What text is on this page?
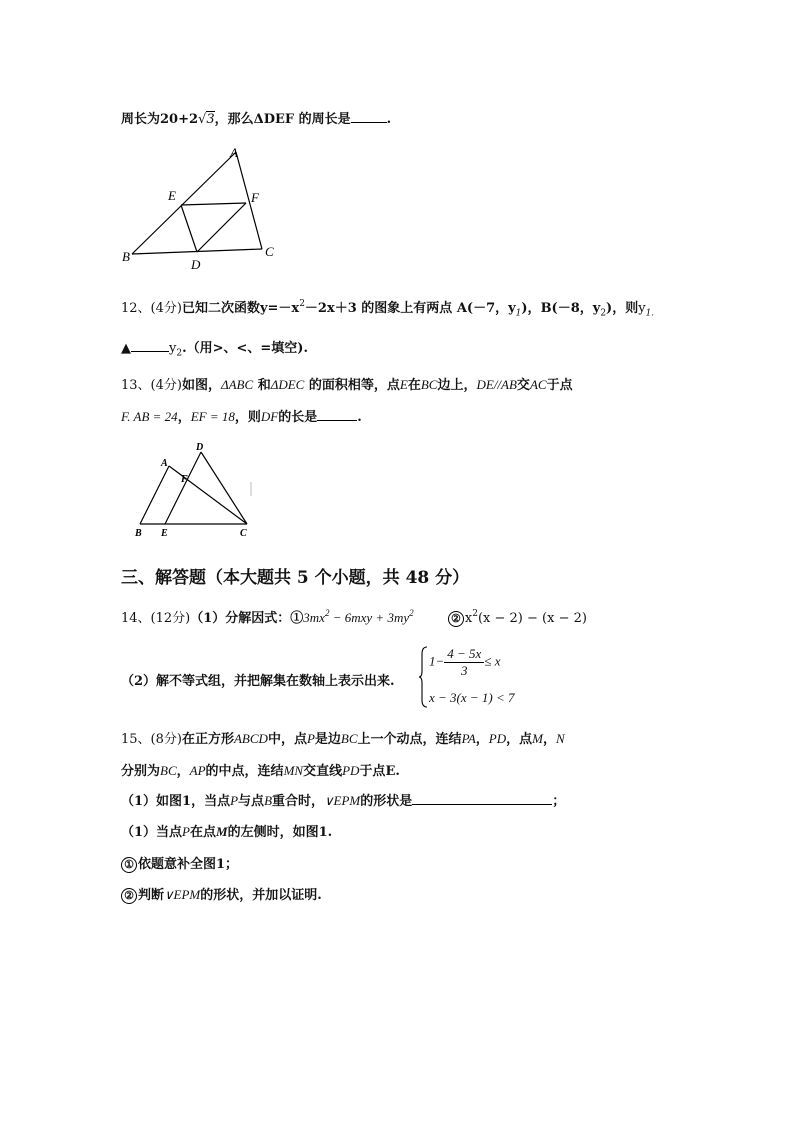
周长为20+2√3，那么ΔDEF 的周长是	.
A
E	F
B
D
C
12、(4分)已知二次函数$y=-x^2-2x+3$ 的图象上有两点 A(－7，$y_1$)，B(－8，$y_2$)，则$y_{1.}$
▲	$y_2$.（用>、<、=填空).
13、(4分)如图，ΔABC 和ΔDEC 的面积相等，点E在BC边上，DE//AB交AC于点
F. AB = 24，EF = 18，则DF的长是	.
D
A
F
B E	C
三、解答题（本大题共 5 个小题，共 48 分）
14、(12分)（1）分解因式：$①3mx^2 - 6mxy + 3my^2$	② $x^2(x - 2) - (x - 2)$
（2）解不等式组，并把解集在数轴上表示出来.
$1- \frac{4 - 5x}{3} \le x$
x − 3(x − 1) < 7
15、(8分)在正方形ABCD中，点P是边BC上一个动点，连结PA，PD，点M，N
分别为BC，AP的中点，连结MN交直线PD于点E.
（1）如图1，当点P与点B重合时，∨EPM的形状是	；
（1）当点P在点M的左侧时，如图1.
① 依题意补全图1；
② 判断∨EPM的形状，并加以证明.
